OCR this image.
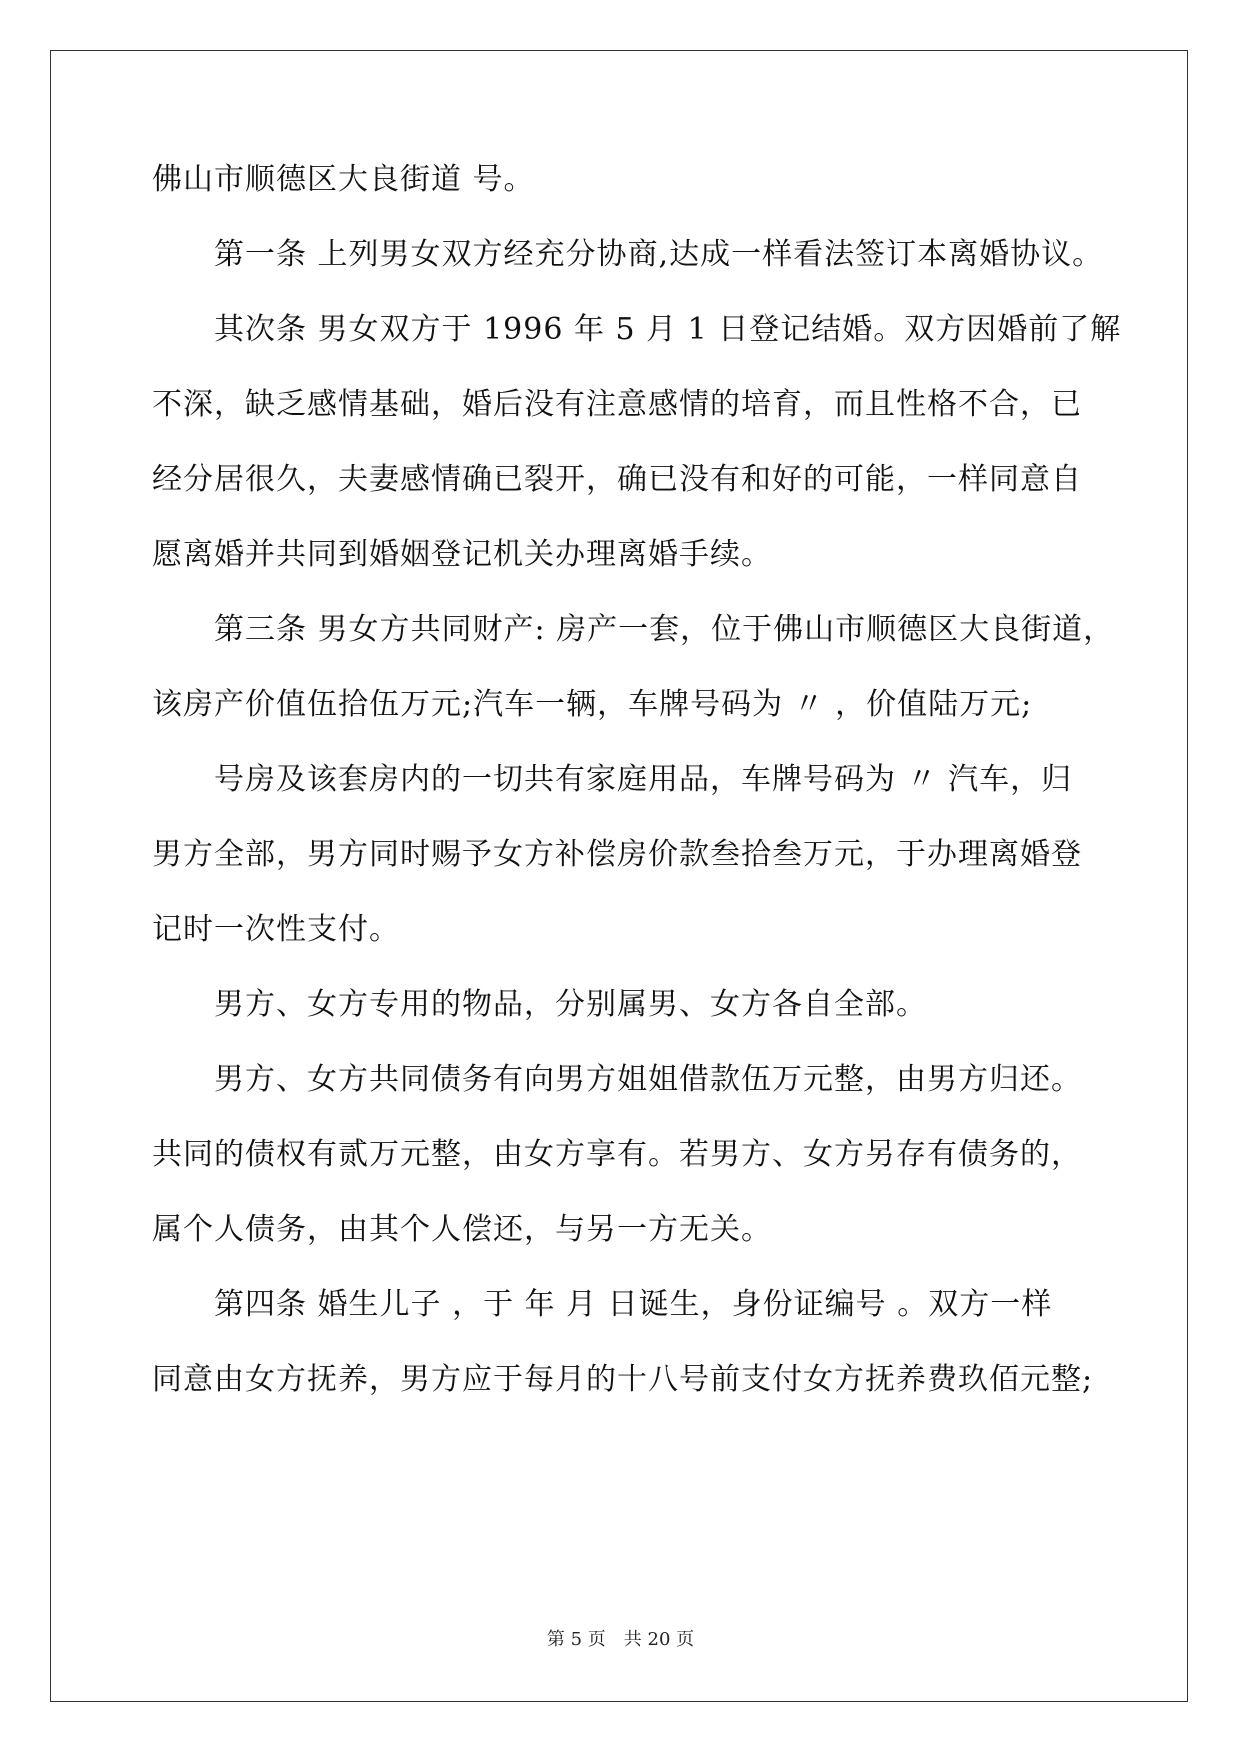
佛山市顺德区大良街道 号。
第一条 上列男女双方经充分协商,达成一样看法签订本离婚协议。
其次条 男女双方于 1996 年 5 月 1 日登记结婚。双方因婚前了解
不深，缺乏感情基础，婚后没有注意感情的培育，而且性格不合，已
经分居很久，夫妻感情确已裂开，确已没有和好的可能，一样同意自
愿离婚并共同到婚姻登记机关办理离婚手续。
第三条 男女方共同财产: 房产一套，位于佛山市顺德区大良街道，
该房产价值伍拾伍万元;汽车一辆，车牌号码为 〃 ，价值陆万元;
号房及该套房内的一切共有家庭用品，车牌号码为 〃 汽车，归
男方全部，男方同时赐予女方补偿房价款叁拾叁万元，于办理离婚登
记时一次性支付。
男方、女方专用的物品，分别属男、女方各自全部。
男方、女方共同债务有向男方姐姐借款伍万元整，由男方归还。
共同的债权有贰万元整，由女方享有。若男方、女方另存有债务的，
属个人债务，由其个人偿还，与另一方无关。
第四条 婚生儿子 ，于 年 月 日诞生，身份证编号 。双方一样
同意由女方抚养，男方应于每月的十八号前支付女方抚养费玖佰元整;
第 5 页　共 20 页
